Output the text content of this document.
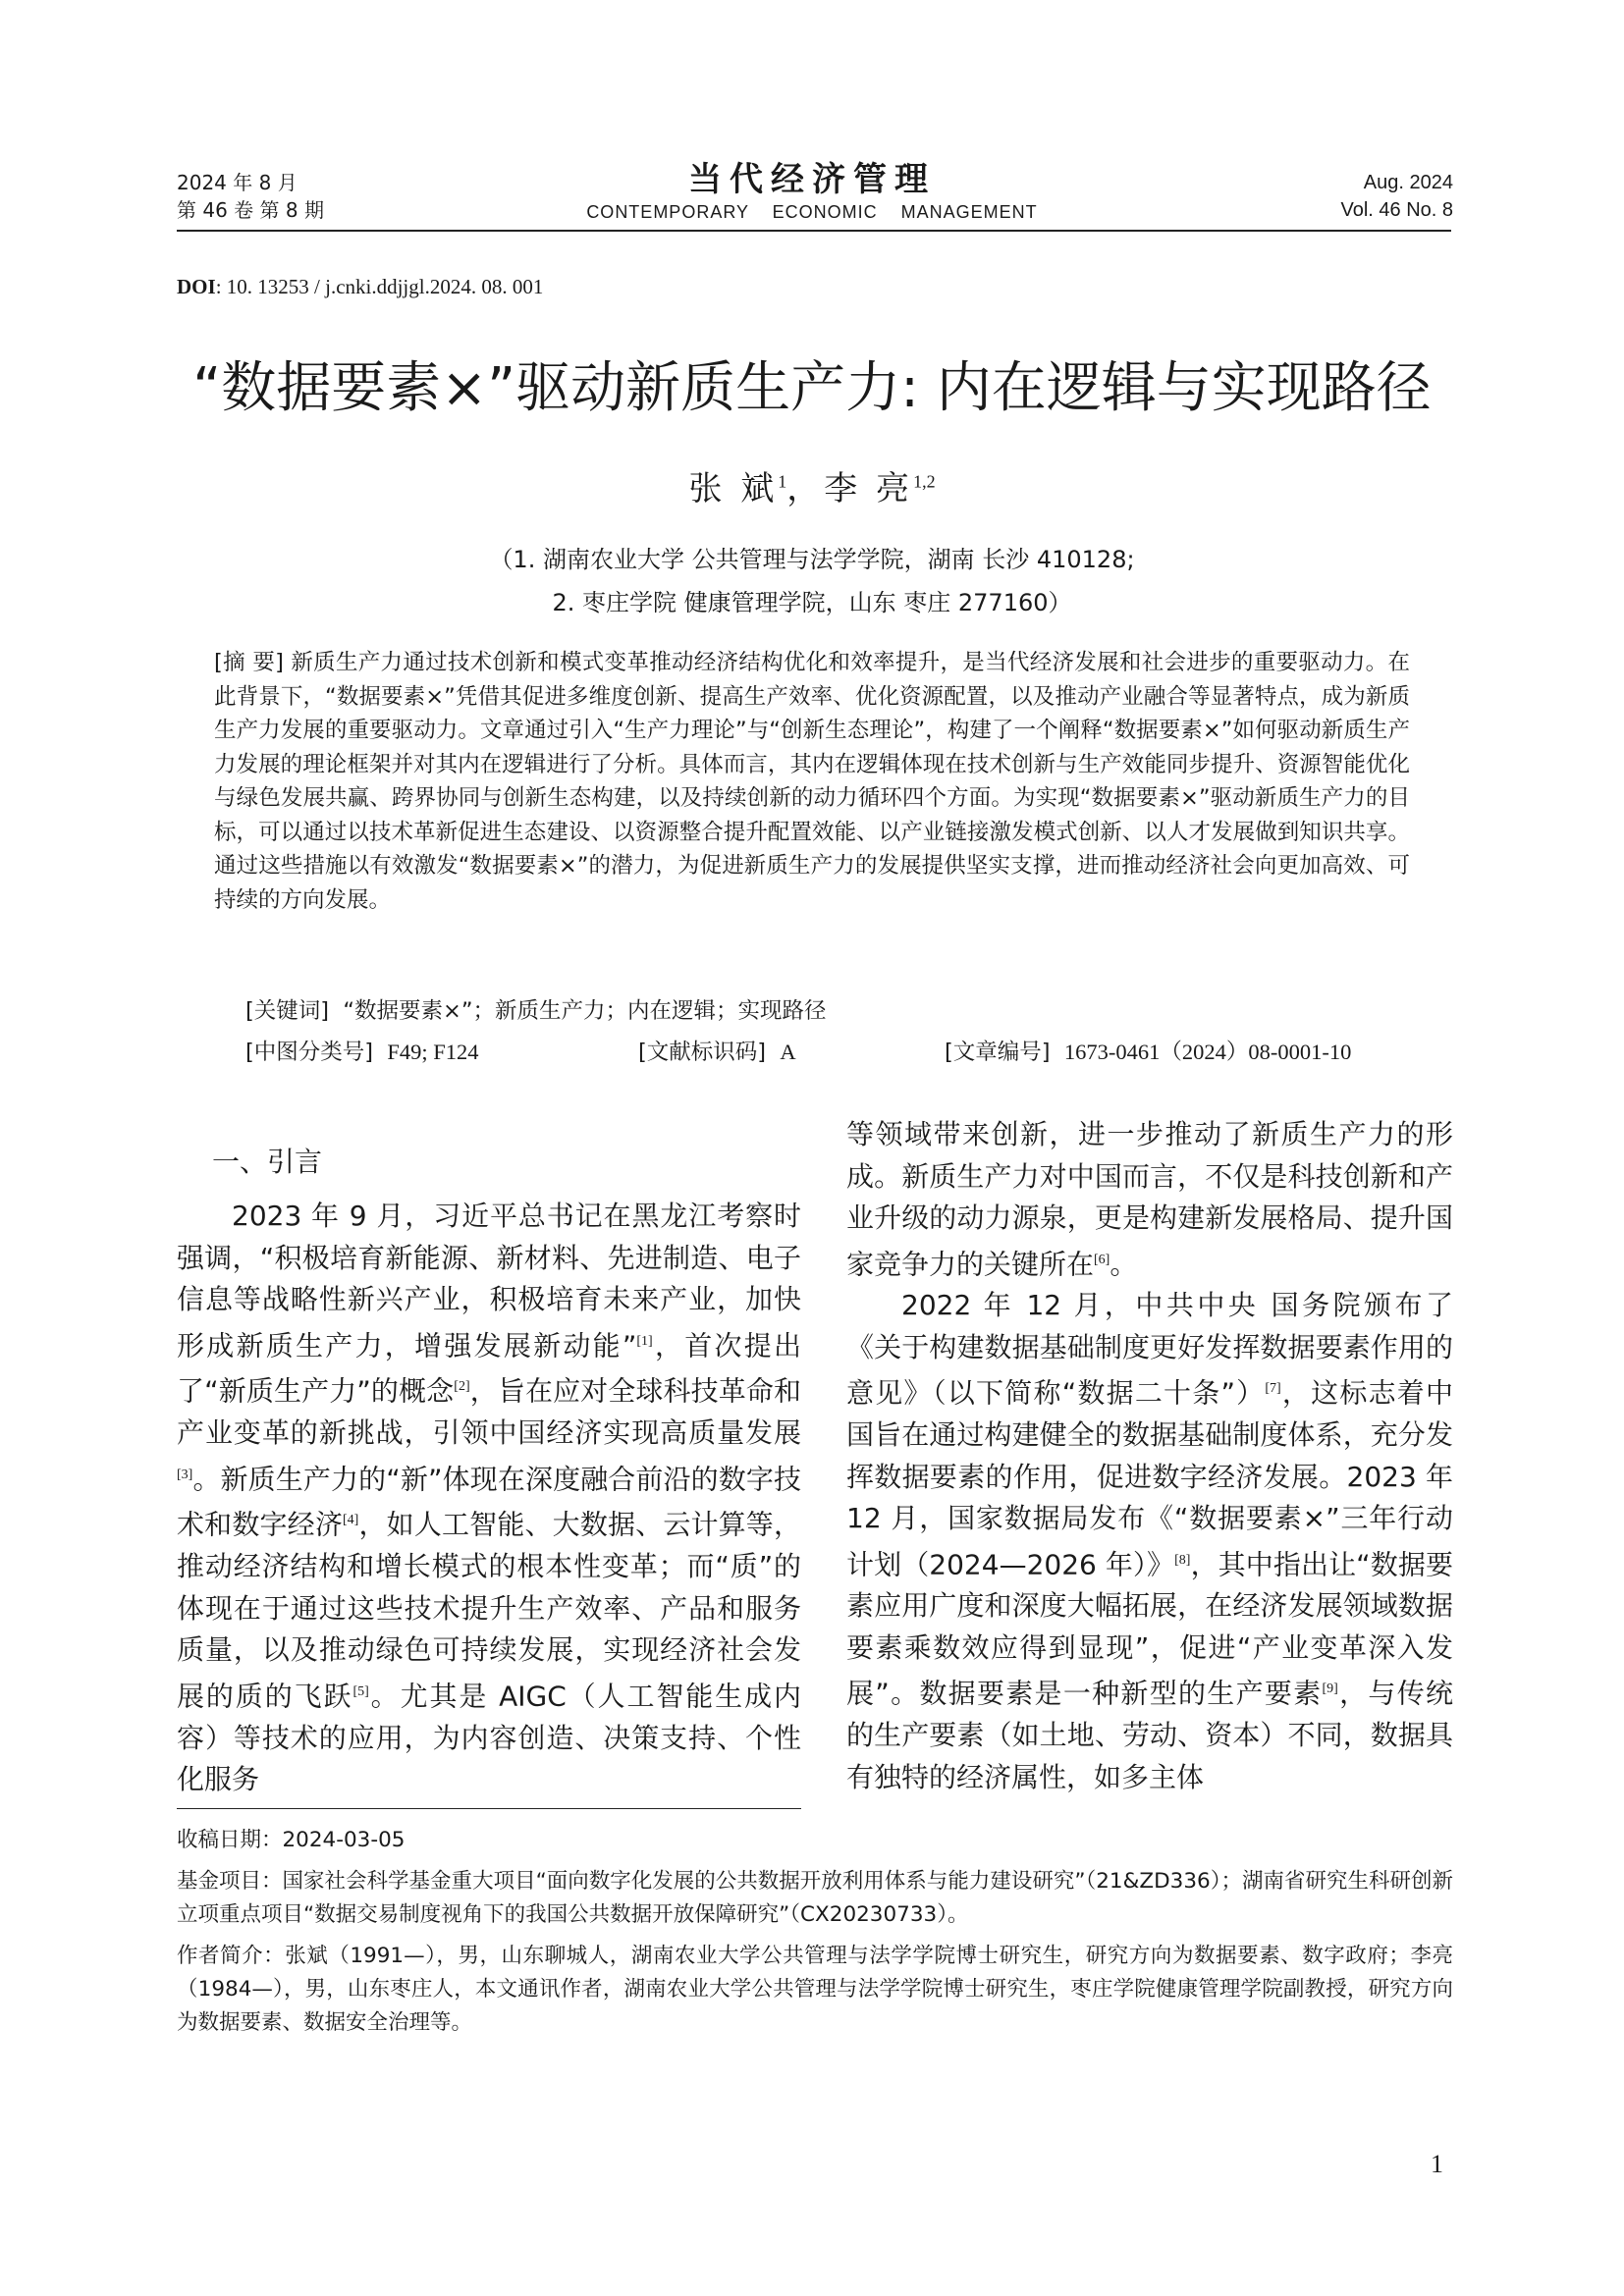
2024 年 8 月
第 46 卷 第 8 期
当代经济管理
CONTEMPORARY ECONOMIC MANAGEMENT
Aug. 2024
Vol. 46 No. 8
DOI: 10. 13253 / j.cnki.ddjjgl.2024. 08. 001
“数据要素×”驱动新质生产力: 内在逻辑与实现路径
张 斌$^1$，李 亮$^{1,2}$
（1. 湖南农业大学 公共管理与法学学院，湖南 长沙 410128;
2. 枣庄学院 健康管理学院，山东 枣庄 277160）
[摘 要] 新质生产力通过技术创新和模式变革推动经济结构优化和效率提升，是当代经济发展和社会进步的重要驱动力。在此背景下，“数据要素×”凭借其促进多维度创新、提高生产效率、优化资源配置，以及推动产业融合等显著特点，成为新质生产力发展的重要驱动力。文章通过引入“生产力理论”与“创新生态理论”，构建了一个阐释“数据要素×”如何驱动新质生产力发展的理论框架并对其内在逻辑进行了分析。具体而言，其内在逻辑体现在技术创新与生产效能同步提升、资源智能优化与绿色发展共赢、跨界协同与创新生态构建，以及持续创新的动力循环四个方面。为实现“数据要素×”驱动新质生产力的目标，可以通过以技术革新促进生态建设、以资源整合提升配置效能、以产业链接激发模式创新、以人才发展做到知识共享。通过这些措施以有效激发“数据要素×”的潜力，为促进新质生产力的发展提供坚实支撑，进而推动经济社会向更加高效、可持续的方向发展。
[关键词] “数据要素×”；新质生产力；内在逻辑；实现路径
[中图分类号] F49; F124	[文献标识码] A	[文章编号] 1673-0461（2024）08-0001-10
一、引言

2023 年 9 月，习近平总书记在黑龙江考察时强调，“积极培育新能源、新材料、先进制造、电子信息等战略性新兴产业，积极培育未来产业，加快形成新质生产力，增强发展新动能”[1]，首次提出了“新质生产力”的概念[2]，旨在应对全球科技革命和产业变革的新挑战，引领中国经济实现高质量发展[3]。新质生产力的“新”体现在深度融合前沿的数字技术和数字经济[4]，如人工智能、大数据、云计算等，推动经济结构和增长模式的根本性变革；而“质”的体现在于通过这些技术提升生产效率、产品和服务质量，以及推动绿色可持续发展，实现经济社会发展的质的飞跃[5]。尤其是 AIGC（人工智能生成内容）等技术的应用，为内容创造、决策支持、个性化服务

等领域带来创新，进一步推动了新质生产力的形成。新质生产力对中国而言，不仅是科技创新和产业升级的动力源泉，更是构建新发展格局、提升国家竞争力的关键所在[6]。

2022 年 12 月，中共中央 国务院颁布了《关于构建数据基础制度更好发挥数据要素作用的意见》（以下简称“数据二十条”）[7]，这标志着中国旨在通过构建健全的数据基础制度体系，充分发挥数据要素的作用，促进数字经济发展。2023 年 12 月，国家数据局发布《“数据要素×”三年行动计划（2024—2026 年）》[8]，其中指出让“数据要素应用广度和深度大幅拓展，在经济发展领域数据要素乘数效应得到显现”，促进“产业变革深入发展”。数据要素是一种新型的生产要素[9]，与传统的生产要素（如土地、劳动、资本）不同，数据具有独特的经济属性，如多主体

收稿日期：2024-03-05

基金项目：国家社会科学基金重大项目“面向数字化发展的公共数据开放利用体系与能力建设研究”（21&ZD336）；湖南省研究生科研创新立项重点项目“数据交易制度视角下的我国公共数据开放保障研究”（CX20230733）。

作者简介：张斌（1991—），男，山东聊城人，湖南农业大学公共管理与法学学院博士研究生，研究方向为数据要素、数字政府；李亮（1984—），男，山东枣庄人，本文通讯作者，湖南农业大学公共管理与法学学院博士研究生，枣庄学院健康管理学院副教授，研究方向为数据要素、数据安全治理等。

1
